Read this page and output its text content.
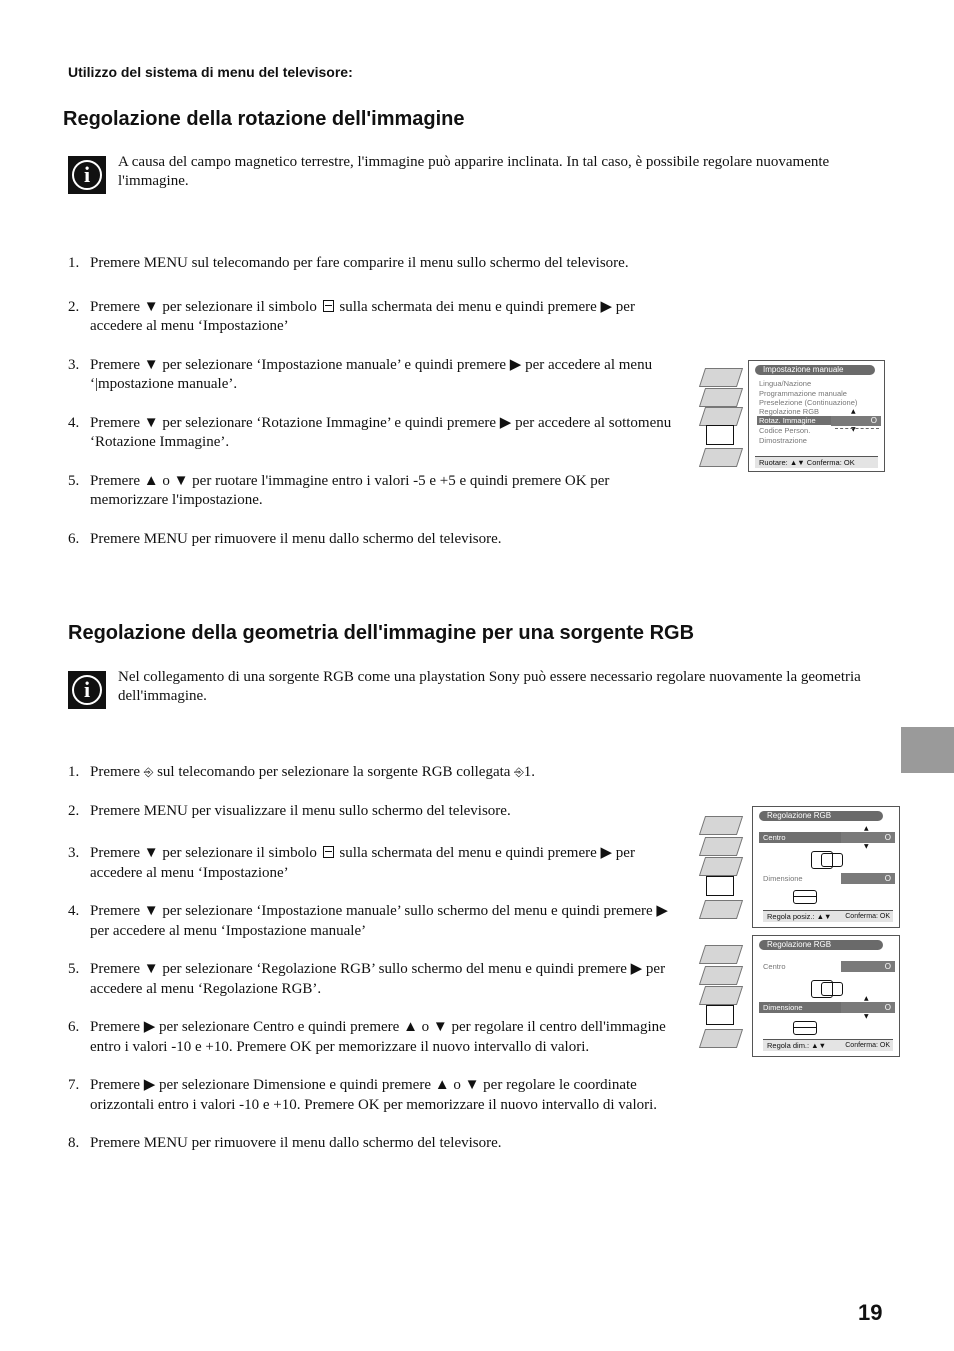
Utilizzo del sistema di menu del televisore:
Regolazione della rotazione dell'immagine
i	A causa del campo magnetico terrestre, l'immagine può apparire inclinata. In tal caso, è possibile regolare nuovamente l'immagine.
1. Premere MENU sul telecomando per fare comparire il menu sullo schermo del televisore.
2. Premere ▼ per selezionare il simbolo  sulla schermata dei menu e quindi premere ▶ per accedere al menu ‘Impostazione’
3. Premere ▼ per selezionare ‘Impostazione manuale’ e quindi premere ▶ per accedere al menu ‘|mpostazione manuale’.
4. Premere ▼ per selezionare ‘Rotazione Immagine’ e quindi premere ▶ per accedere al sottomenu ‘Rotazione Immagine’.
5. Premere ▲ o ▼ per ruotare l'immagine entro i valori -5 e +5 e quindi premere OK per memorizzare l'impostazione.
6. Premere MENU per rimuovere il menu dallo schermo del televisore.
Impostazione manuale
Lingua/Nazione
Programmazione manuale
Preselezione (Continuazione)
Regolazione RGB
Rotaz. Immagine	O
▲
▼
Codice Person.
Dimostrazione
Ruotare: ▲▼ Conferma: OK
Regolazione della geometria dell'immagine per una sorgente RGB
i	Nel collegamento di una sorgente RGB come una playstation Sony può essere necessario regolare nuovamente la geometria dell'immagine.
1. Premere ⎆ sul telecomando per selezionare la sorgente RGB collegata ⎆1.
2. Premere MENU per visualizzare il menu sullo schermo del televisore.
3. Premere ▼ per selezionare il simbolo  sulla schermata del menu e quindi premere ▶ per accedere al menu ‘Impostazione’
4. Premere ▼ per selezionare ‘Impostazione manuale’ sullo schermo del menu e quindi premere ▶ per accedere al menu ‘Impostazione manuale’
5. Premere ▼ per selezionare ‘Regolazione RGB’ sullo schermo del menu e quindi premere ▶ per accedere al menu ‘Regolazione RGB’.
6. Premere ▶ per selezionare Centro e quindi premere ▲ o ▼ per regolare il centro dell'immagine entro i valori -10 e +10. Premere OK per memorizzare il nuovo intervallo di valori.
7. Premere ▶ per selezionare Dimensione e quindi premere ▲ o ▼ per regolare le coordinate orizzontali entro i valori -10 e +10. Premere OK per memorizzare il nuovo intervallo di valori.
8. Premere MENU per rimuovere il menu dallo schermo del televisore.
Regolazione RGB
Centro	O
▲
▼
Dimensione	O
Regola posiz.: ▲▼ Conferma: OK
Regolazione RGB
Centro	O
Dimensione	O
▲
▼
Regola dim.: ▲▼	Conferma: OK
19
